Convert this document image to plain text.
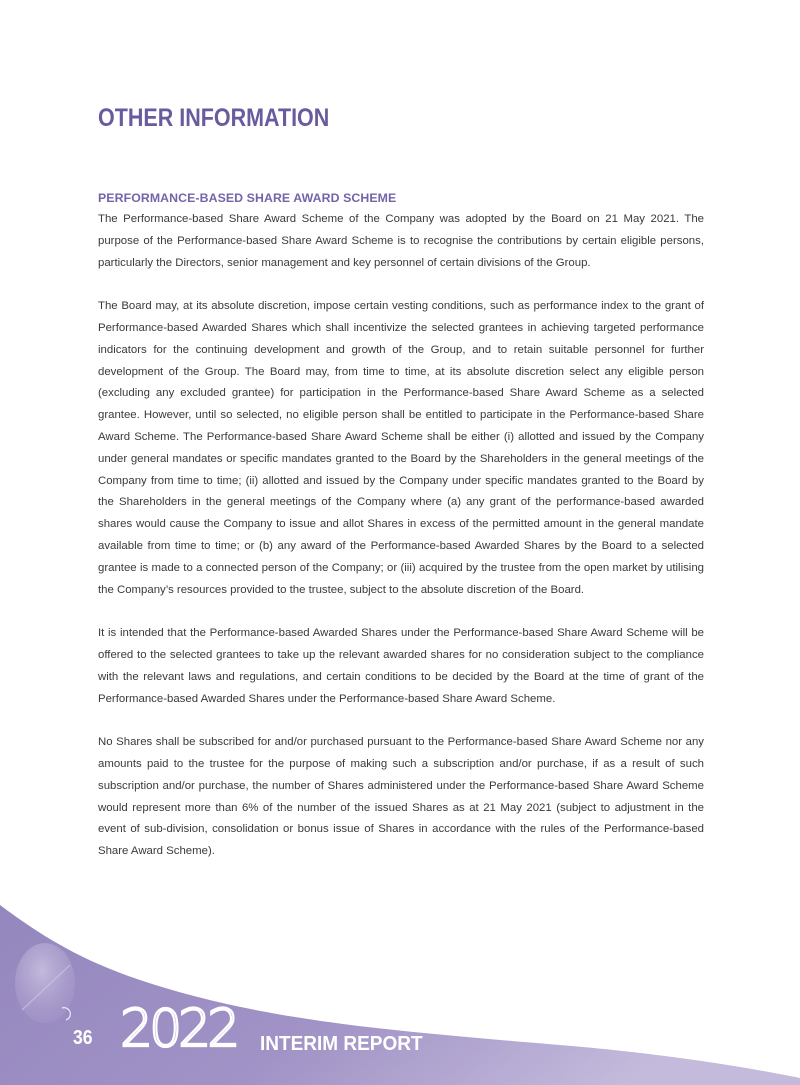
OTHER INFORMATION
PERFORMANCE-BASED SHARE AWARD SCHEME

The Performance-based Share Award Scheme of the Company was adopted by the Board on 21 May 2021. The purpose of the Performance-based Share Award Scheme is to recognise the contributions by certain eligible persons, particularly the Directors, senior management and key personnel of certain divisions of the Group.

The Board may, at its absolute discretion, impose certain vesting conditions, such as performance index to the grant of Performance-based Awarded Shares which shall incentivize the selected grantees in achieving targeted performance indicators for the continuing development and growth of the Group, and to retain suitable personnel for further development of the Group. The Board may, from time to time, at its absolute discretion select any eligible person (excluding any excluded grantee) for participation in the Performance-based Share Award Scheme as a selected grantee. However, until so selected, no eligible person shall be entitled to participate in the Performance-based Share Award Scheme. The Performance-based Share Award Scheme shall be either (i) allotted and issued by the Company under general mandates or specific mandates granted to the Board by the Shareholders in the general meetings of the Company from time to time; (ii) allotted and issued by the Company under specific mandates granted to the Board by the Shareholders in the general meetings of the Company where (a) any grant of the performance-based awarded shares would cause the Company to issue and allot Shares in excess of the permitted amount in the general mandate available from time to time; or (b) any award of the Performance-based Awarded Shares by the Board to a selected grantee is made to a connected person of the Company; or (iii) acquired by the trustee from the open market by utilising the Company’s resources provided to the trustee, subject to the absolute discretion of the Board.

It is intended that the Performance-based Awarded Shares under the Performance-based Share Award Scheme will be offered to the selected grantees to take up the relevant awarded shares for no consideration subject to the compliance with the relevant laws and regulations, and certain conditions to be decided by the Board at the time of grant of the Performance-based Awarded Shares under the Performance-based Share Award Scheme.

No Shares shall be subscribed for and/or purchased pursuant to the Performance-based Share Award Scheme nor any amounts paid to the trustee for the purpose of making such a subscription and/or purchase, if as a result of such subscription and/or purchase, the number of Shares administered under the Performance-based Share Award Scheme would represent more than 6% of the number of the issued Shares as at 21 May 2021 (subject to adjustment in the event of sub-division, consolidation or bonus issue of Shares in accordance with the rules of the Performance-based Share Award Scheme).

36 2022 INTERIM REPORT
